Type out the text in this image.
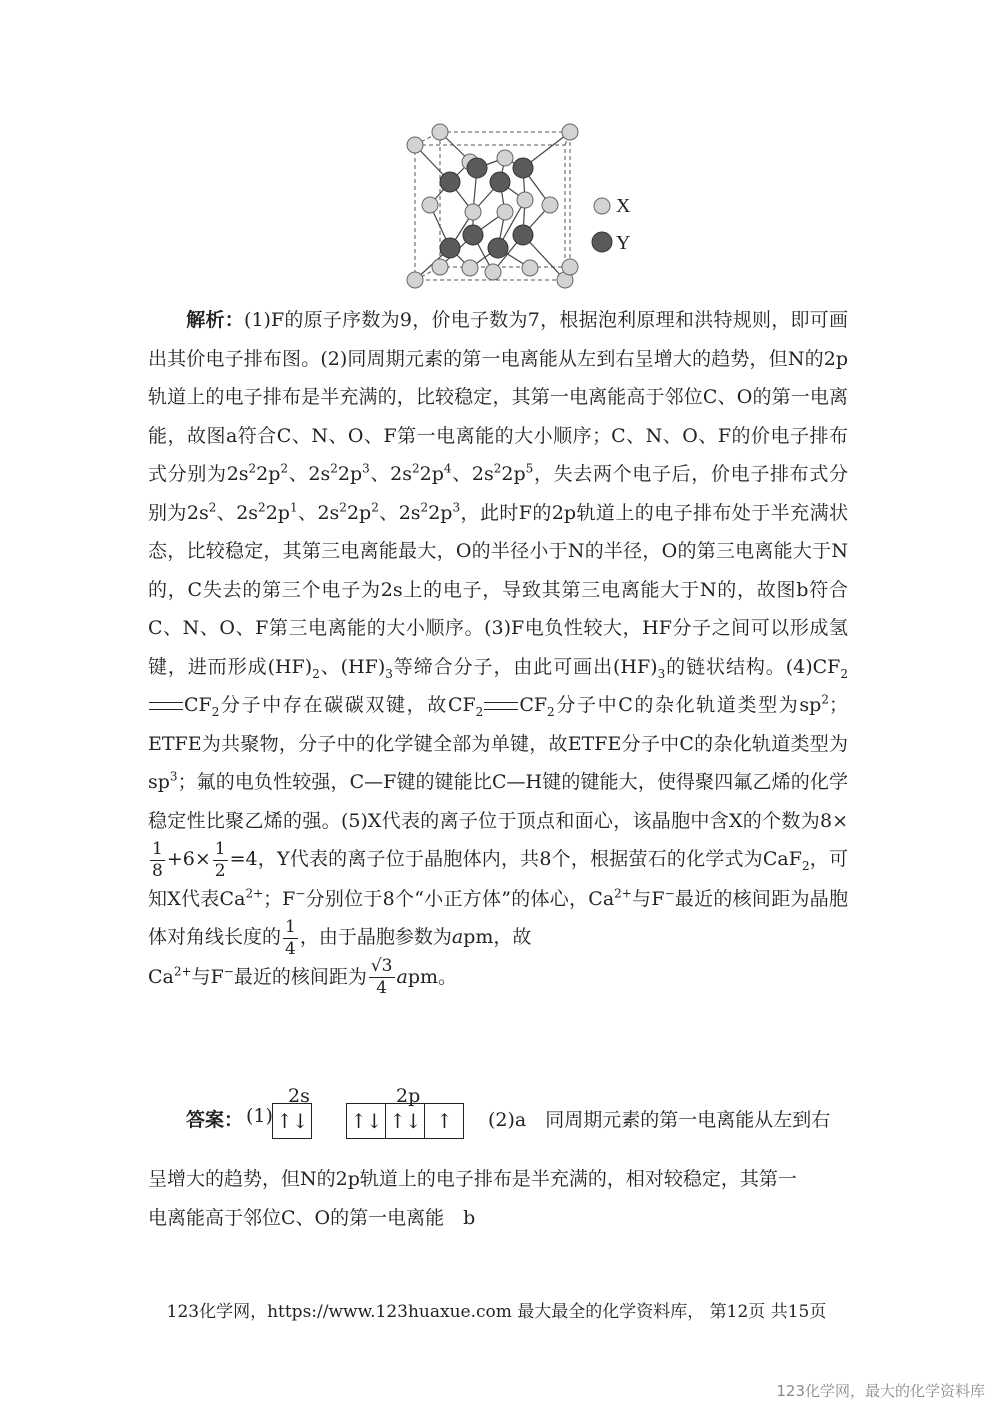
X
Y
解析：(1)F的原子序数为9，价电子数为7，根据泡利原理和洪特规则，即可画出其价电子排布图。(2)同周期元素的第一电离能从左到右呈增大的趋势，但N的2p轨道上的电子排布是半充满的，比较稳定，其第一电离能高于邻位C、O的第一电离能，故图a符合C、N、O、F第一电离能的大小顺序；C、N、O、F的价电子排布式分别为$2s^22p^2$、$2s^22p^3$、$2s^22p^4$、$2s^22p^5$，失去两个电子后，价电子排布式分别为$2s^2$、$2s^22p^1$、$2s^22p^2$、$2s^22p^3$，此时F的2p轨道上的电子排布处于半充满状态，比较稳定，其第三电离能最大，O的半径小于N的半径，O的第三电离能大于N的，C失去的第三个电子为2s上的电子，导致其第三电离能大于N的，故图b符合C、N、O、F第三电离能的大小顺序。(3)F电负性较大，HF分子之间可以形成氢键，进而形成$(HF)_2$、$(HF)_3$等缔合分子，由此可画出$(HF)_3$的链状结构。$(4)CF_2CF_2$分子中存在碳碳双键，故$CF_2$ $CF_2$分子中C的杂化轨道类型为$sp^2$；ETFE为共聚物，分子中的化学键全部为单键，故ETFE分子中C的杂化轨道类型为$sp^3$；氟的电负性较强，C—F键的键能比C—H键的键能大，使得聚四氟乙烯的化学稳定性比聚乙烯的强。(5)X代表的离子位于顶点和面心，该晶胞中含X的个数为8×
$\frac{1}{8} +6\times \frac{1}{2} =4$，Y代表的离子位于晶胞体内，共8个，根据萤石的化学式为CaF$_2$，可知X代表$Ca^{2+}$；F−分别位于8个“小正方体”的体心，$Ca^{2+}$与F−最近的核间距为晶胞体对角线长度的 $\frac{1}{4}$ ，由于晶胞参数为apm，故
$Ca^{2+}$与F−最近的核间距为 $\frac{√3}{4}$ apm。
答案： (1)
2s
↑↓
2p
↑↓ ↑↓ ↑	(2)a　同周期元素的第一电离能从左到右
呈增大的趋势，但N的2p轨道上的电子排布是半充满的，相对较稳定，其第一
电离能高于邻位C、O的第一电离能　b
123化学网，https://www.123huaxue.com 最大最全的化学资料库， 第12页 共15页
123化学网，最大的化学资料库
